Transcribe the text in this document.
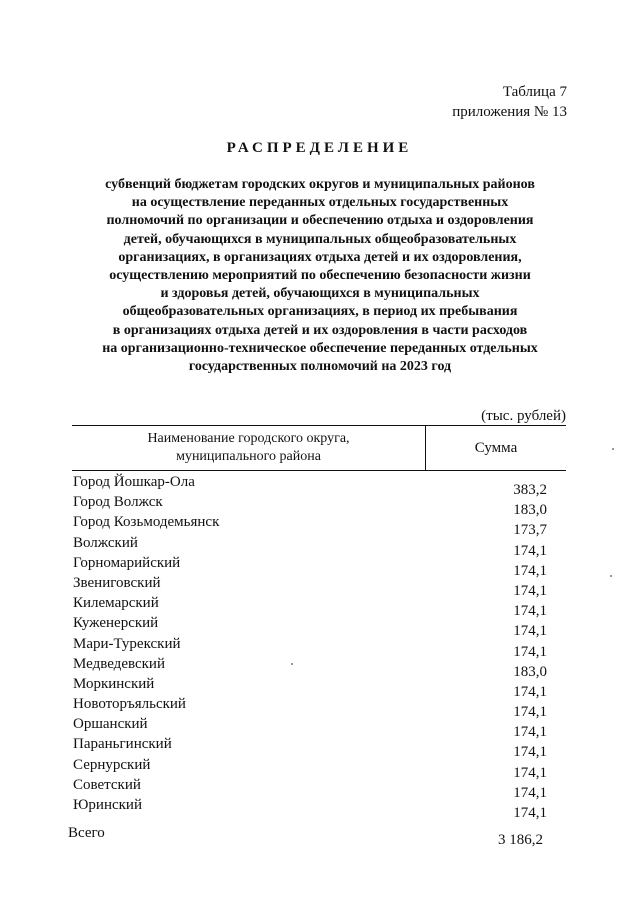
Таблица 7
приложения № 13
РАСПРЕДЕЛЕНИЕ
субвенций бюджетам городских округов и муниципальных районов
на осуществление переданных отдельных государственных
полномочий по организации и обеспечению отдыха и оздоровления
детей, обучающихся в муниципальных общеобразовательных
организациях, в организациях отдыха детей и их оздоровления,
осуществлению мероприятий по обеспечению безопасности жизни
и здоровья детей, обучающихся в муниципальных
общеобразовательных организациях, в период их пребывания
в организациях отдыха детей и их оздоровления в части расходов
на организационно-техническое обеспечение переданных отдельных
государственных полномочий на 2023 год
(тыс. рублей)
Наименование городского округа,
муниципального района
Сумма
Город Йошкар-Ола	383,2
Город Волжск	183,0
Город Козьмодемьянск	173,7
Волжский	174,1
Горномарийский	174,1
Звениговский	174,1
Килемарский	174,1
Куженерский	174,1
Мари-Турекский	174,1
Медведевский	183,0
Моркинский	174,1
Новоторъяльский	174,1
Оршанский	174,1
Параньгинский	174,1
Сернурский	174,1
Советский	174,1
Юринский	174,1
Всего	3 186,2
